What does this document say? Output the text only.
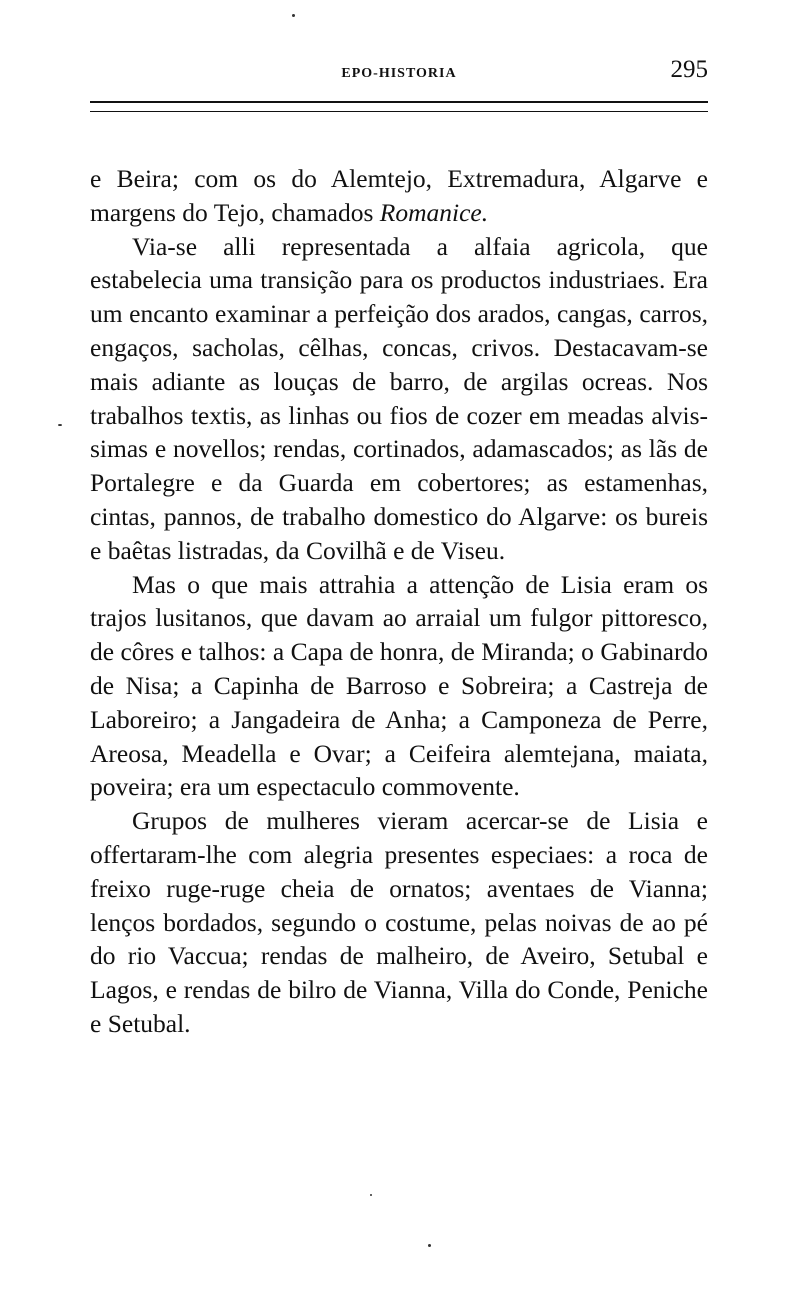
EPO-HISTORIA	295

e Beira; com os do Alemtejo, Extremadura, Algarve e margens do Tejo, chamados Romanice.

Via-se alli representada a alfaia agricola, que estabelecia uma transição para os productos industriaes. Era um encanto examinar a perfeição dos arados, cangas, carros, engaços, sacholas, cêlhas, concas, crivos. Destacavam-se mais adiante as louças de barro, de argilas ocreas. Nos trabalhos textis, as linhas ou fios de cozer em meadas alvissimas e novellos; rendas, cortinados, adamascados; as lãs de Portalegre e da Guarda em cobertores; as estamenhas, cintas, pannos, de trabalho domestico do Algarve: os bureis e baêtas listradas, da Covilhã e de Viseu.

Mas o que mais attrahia a attenção de Lisia eram os trajos lusitanos, que davam ao arraial um fulgor pittoresco, de côres e talhos: a Capa de honra, de Miranda; o Gabinardo de Nisa; a Capinha de Barroso e Sobreira; a Castreja de Laboreiro; a Jangadeira de Anha; a Camponeza de Perre, Areosa, Meadella e Ovar; a Ceifeira alemtejana, maiata, poveira; era um espectaculo commovente.

Grupos de mulheres vieram acercar-se de Lisia e offertaram-lhe com alegria presentes especiaes: a roca de freixo ruge-ruge cheia de ornatos; aventaes de Vianna; lenços bordados, segundo o costume, pelas noivas de ao pé do rio Vaccua; rendas de malheiro, de Aveiro, Setubal e Lagos, e rendas de bilro de Vianna, Villa do Conde, Peniche e Setubal.
